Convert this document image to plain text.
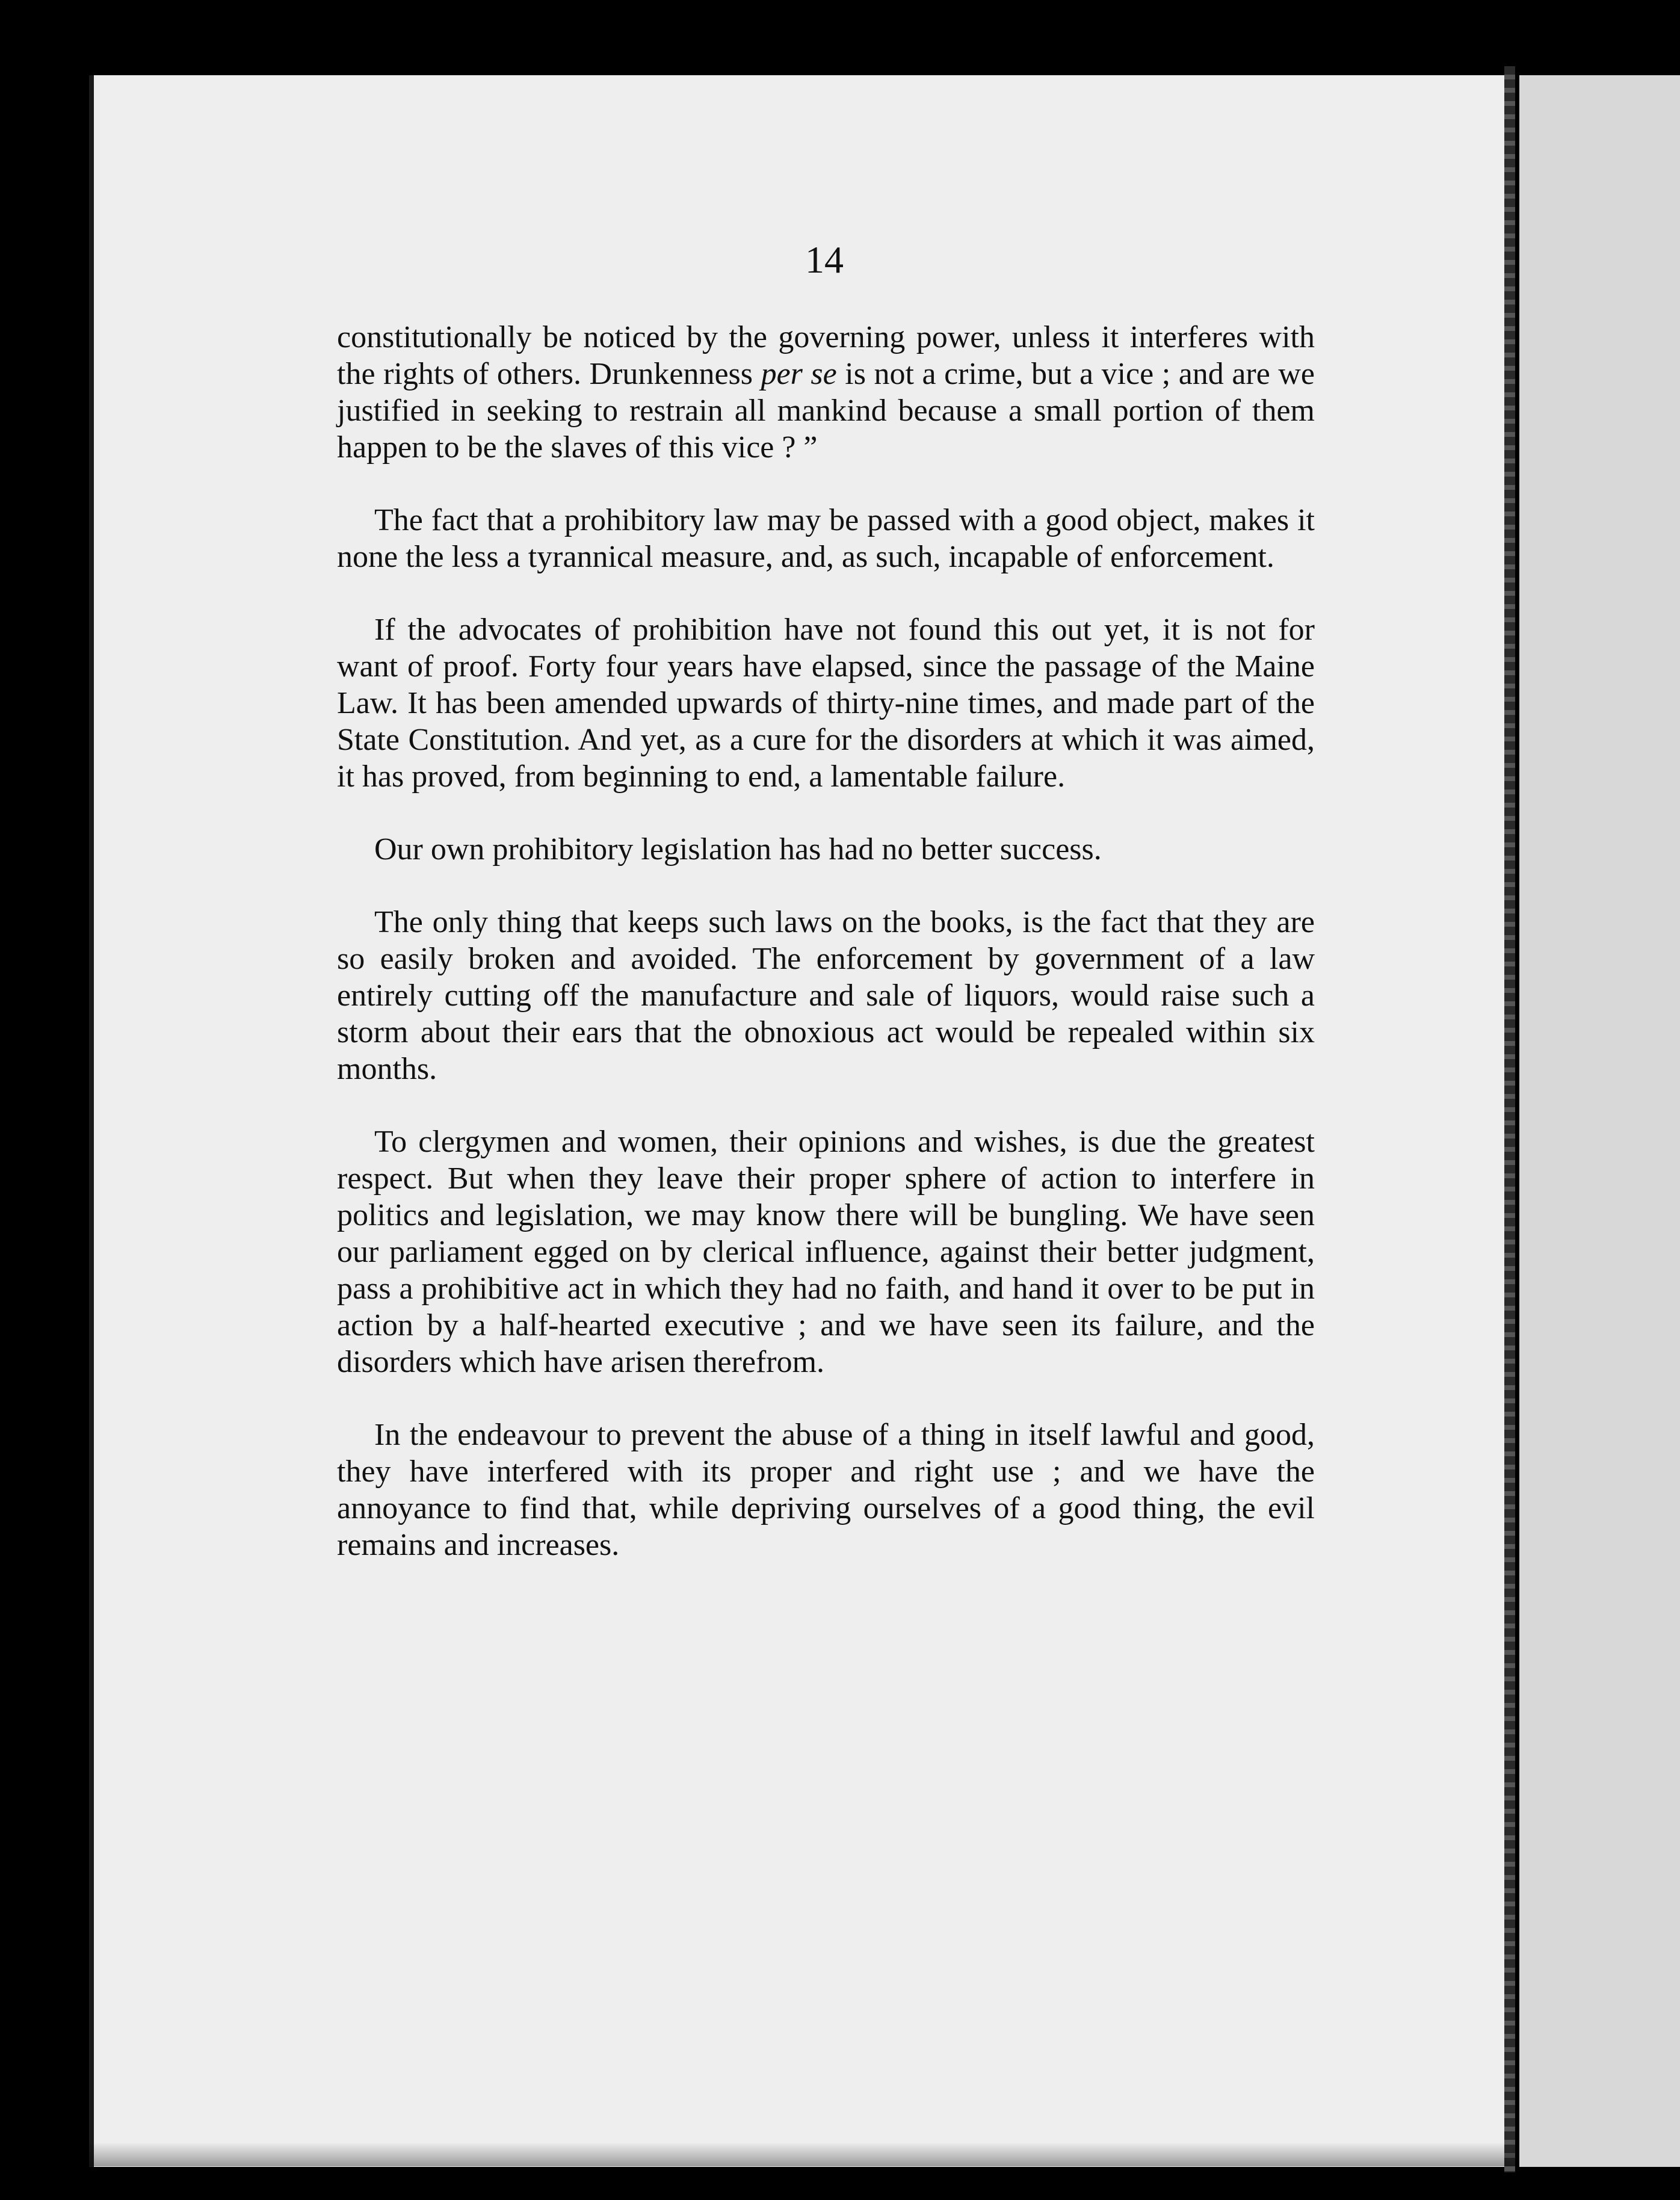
14

constitutionally be noticed by the governing power, unless it interferes with the rights of others. Drunkenness per se is not a crime, but a vice ; and are we justified in seeking to restrain all mankind because a small portion of them happen to be the slaves of this vice ? ”

The fact that a prohibitory law may be passed with a good object, makes it none the less a tyrannical measure, and, as such, incapable of enforcement.

If the advocates of prohibition have not found this out yet, it is not for want of proof. Forty four years have elapsed, since the passage of the Maine Law. It has been amended upwards of thirty-nine times, and made part of the State Constitution. And yet, as a cure for the disorders at which it was aimed, it has proved, from beginning to end, a lamentable failure.

Our own prohibitory legislation has had no better success.

The only thing that keeps such laws on the books, is the fact that they are so easily broken and avoided. The enforcement by government of a law entirely cutting off the manufacture and sale of liquors, would raise such a storm about their ears that the obnoxious act would be repealed within six months.

To clergymen and women, their opinions and wishes, is due the greatest respect. But when they leave their proper sphere of action to interfere in politics and legislation, we may know there will be bungling. We have seen our parliament egged on by clerical influence, against their better judgment, pass a prohibitive act in which they had no faith, and hand it over to be put in action by a half-hearted executive ; and we have seen its failure, and the disorders which have arisen therefrom.

In the endeavour to prevent the abuse of a thing in itself lawful and good, they have interfered with its proper and right use ; and we have the annoyance to find that, while depriving ourselves of a good thing, the evil remains and increases.
